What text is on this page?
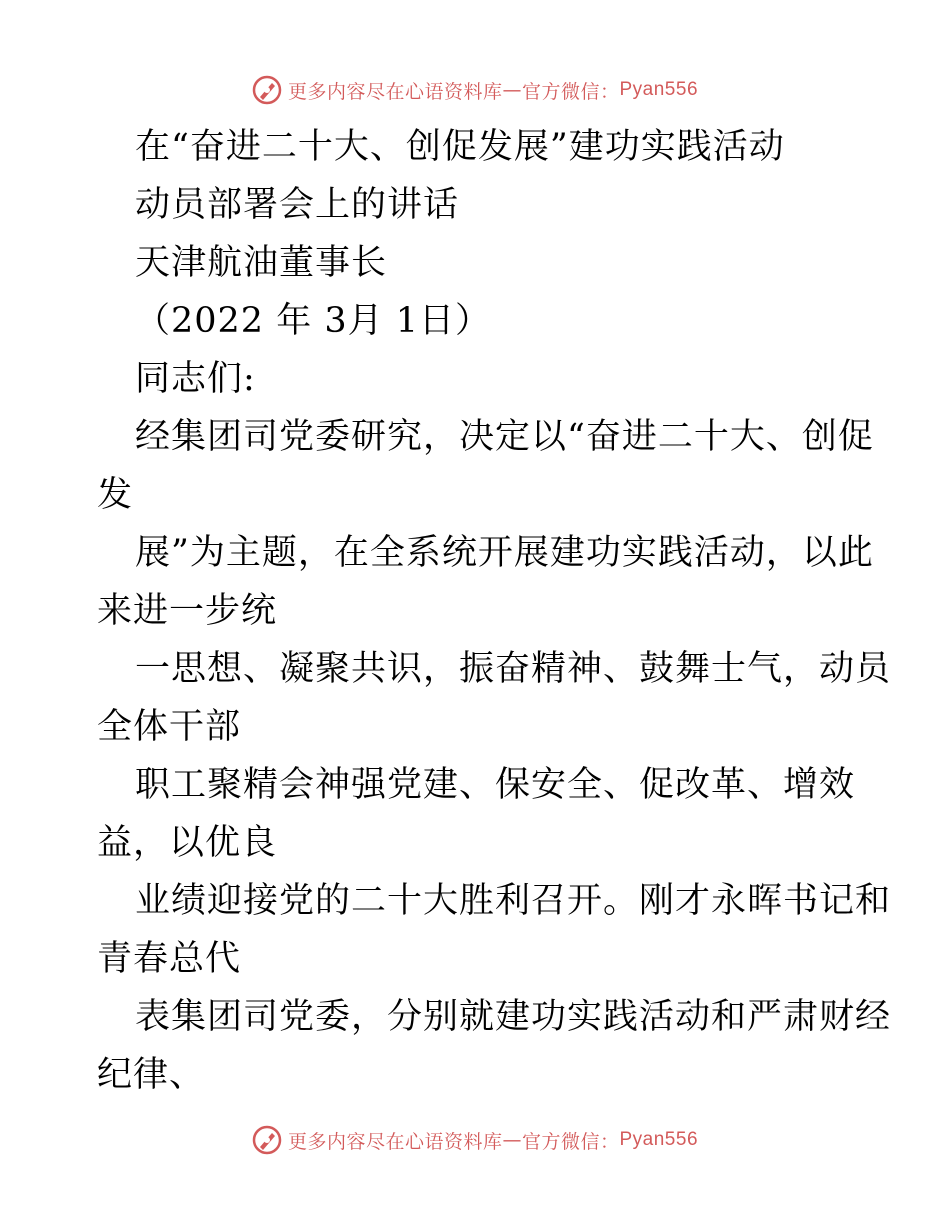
更多内容尽在心语资料库 — 官方微信： Pyan556
在“奋进二十大、创促发展”建功实践活动
动员部署会上的讲话
天津航油董事长
（2022 年 3月 1日）
同志们:
经集团司党委研究，决定以“奋进二十大、创促
发
展”为主题，在全系统开展建功实践活动，以此
来进一步统
一思想、凝聚共识，振奋精神、鼓舞士气，动员
全体干部
职工聚精会神强党建、保安全、促改革、增效
益，以优良
业绩迎接党的二十大胜利召开。刚才永晖书记和
青春总代
表集团司党委，分别就建功实践活动和严肃财经
纪律、
更多内容尽在心语资料库 — 官方微信： Pyan556
